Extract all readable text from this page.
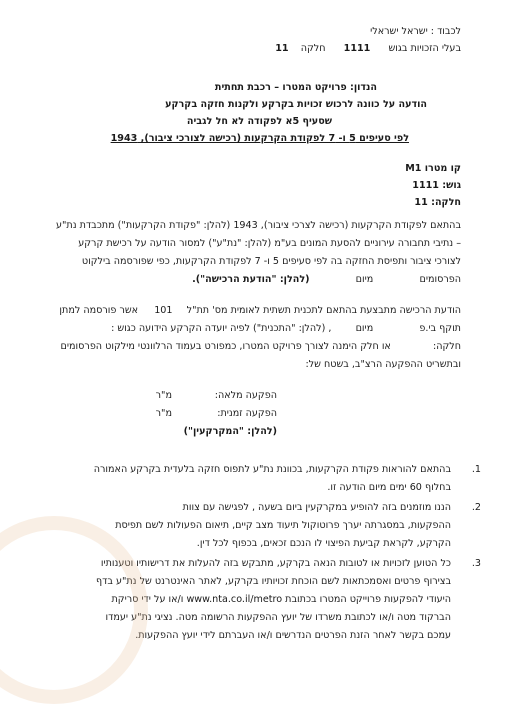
לכבוד : ישראל ישראלי
בעלי הזכויות בגוש  1111  חלקה  11
הנדון: פרויקט המטרו – רכבת תחתית
הודעה על כוונה לרכוש זכויות בקרקע ולקנות חזקה בקרקע
שסעיף 5א לפקודה לא חל לגביה
לפי סעיפים 5 ו- 7 לפקודת הקרקעות (רכישה לצורכי ציבור), 1943
קו מטרו M1
גוש: 1111
חלקה: 11
בהתאם לפקודת הקרקעות (רכישה לצרכי ציבור), 1943 (להלן: "פקודת הקרקעות") מתכבדת נת"ע
– נתיבי תחבורה עירוניים להסעת המונים בע"מ (להלן: "נת"ע") למסור הודעה על רכישת קרקע
לצורכי ציבור ותפיסת החזקה בה לפי סעיפים 5 ו- 7 לפקודת הקרקעות, כפי שפורסמה בילקוט
הפרסומים  מיום  (להלן: "הודעת הרכישה").
הודעת הרכישה מתבצעת בהתאם לתכנית תשתית לאומית מס' תת"ל  101  אשר פורסמה למתן
תוקף בי.פ  מיום  , (להלן: "התכנית") לפיה יועדה הקרקע הידועה כגוש :
חלקה:  או חלק הימנה לצורך פרויקט המטרו, כמפורט בעמוד הרלוונטי מילקוט הפרסומים
ובתשריט ההפקעה הרצ"ב, בשטח של:
הפקעה מלאה:
מ"ר
הפקעה זמנית:
מ"ר
(להלן: "המקרקעין")
1.
בהתאם להוראות פקודת הקרקעות, בכוונת נת"ע לתפוס חזקה בלעדית בקרקע האמורה
בחלוף 60 ימים מיום הודעה זו.
2.
הננו מוזמנים בזה להופיע במקרקעין ביום בשעה , לפגישה עם צוות
ההפקעות, במסגרתה יערך פרוטוקול תיעוד מצב קיים, תיאום הפעולות לשם תפיסת
הקרקע, לקראת קביעת הפיצוי לו הנכם זכאים, בכפוף לכל דין.
3.
כל הטוען לזכויות או לטובות הנאה בקרקע, מתבקש בזה להעלות את דרישותיו וטענותיו
בצירוף פרטים ואסמכתאות לשם הוכחת זכויותיו בקרקע, לאתר האינטרנט של נת"ע בדף
היעודי להפקעות פרוייקט המטרו בכתובת www.nta.co.il/metro ו/או על ידי סריקת
הברקוד מטה ו/או לכתובת משרדו של יועץ ההפקעות הרשומה מטה. נציגי נת"ע יעמדו
עמכם בקשר לאחר הזנת הפרטים הנדרשים ו/או העברתם לידי יועץ ההפקעות.
